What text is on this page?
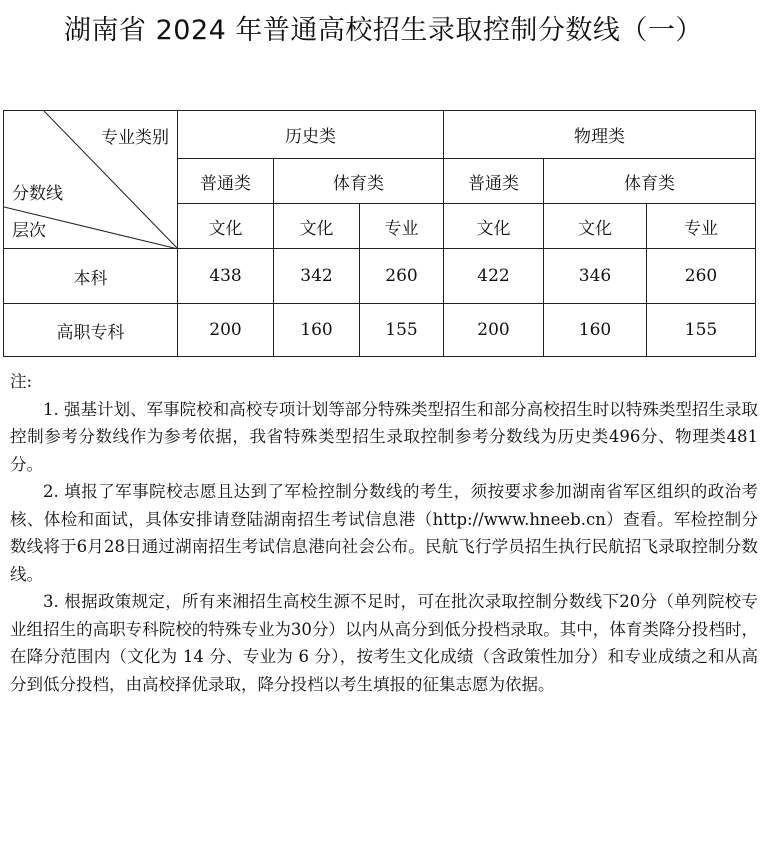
湖南省 2024 年普通高校招生录取控制分数线（一）
专业类别
分数线
层次	历史类			物理类		
	普通类	体育类		普通类	体育类	
	文化	文化	专业	文化	文化	专业
本科	438	342	260	422	346	260
高职专科	200	160	155	200	160	155

注:

1. 强基计划、军事院校和高校专项计划等部分特殊类型招生和部分高校招生时以特殊类型招生录取控制参考分数线作为参考依据，我省特殊类型招生录取控制参考分数线为历史类496分、物理类481分。

2. 填报了军事院校志愿且达到了军检控制分数线的考生，须按要求参加湖南省军区组织的政治考核、体检和面试，具体安排请登陆湖南招生考试信息港（http://www.hneeb.cn）查看。军检控制分数线将于6月28日通过湖南招生考试信息港向社会公布。民航飞行学员招生执行民航招飞录取控制分数线。

3. 根据政策规定，所有来湘招生高校生源不足时，可在批次录取控制分数线下20分（单列院校专业组招生的高职专科院校的特殊专业为30分）以内从高分到低分投档录取。其中，体育类降分投档时，在降分范围内（文化为 14 分、专业为 6 分），按考生文化成绩（含政策性加分）和专业成绩之和从高分到低分投档，由高校择优录取，降分投档以考生填报的征集志愿为依据。
